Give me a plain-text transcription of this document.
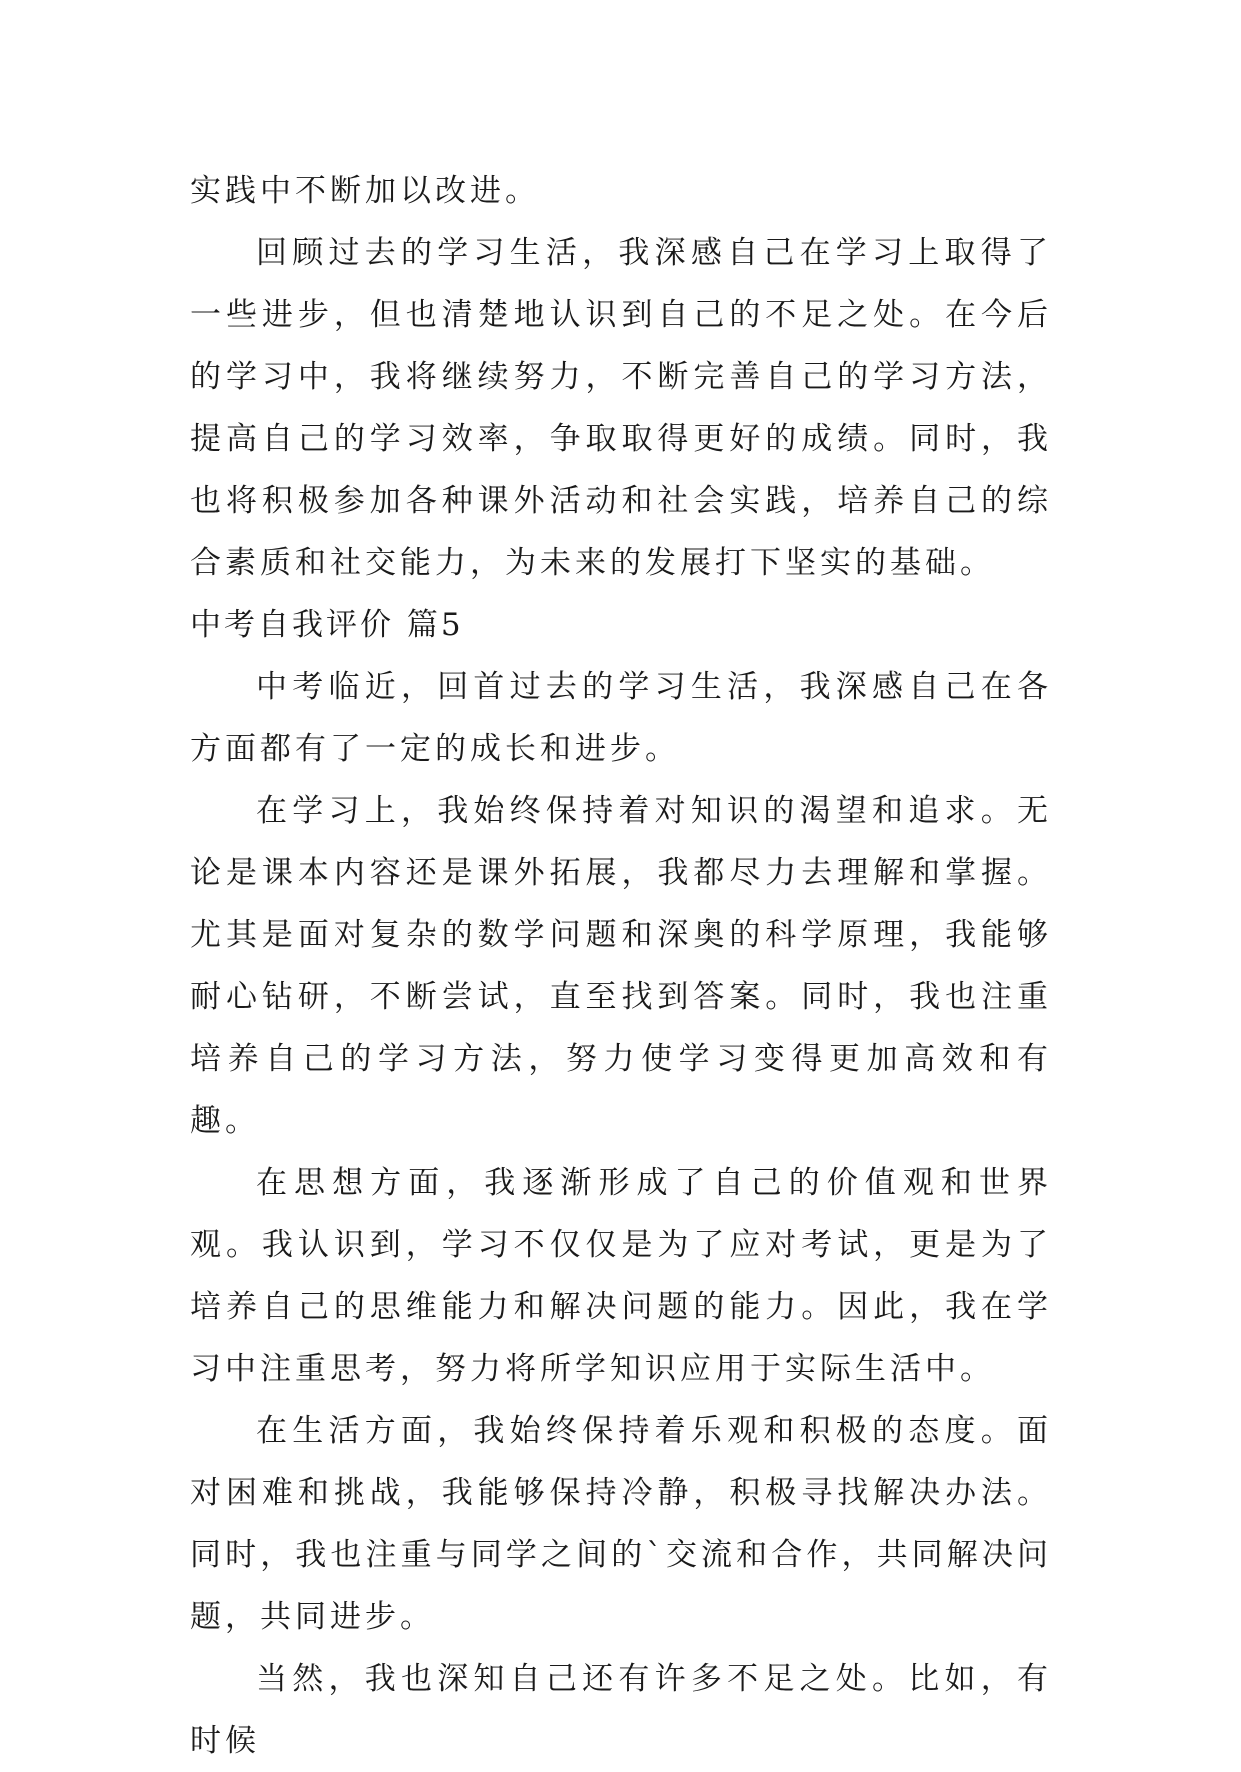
实践中不断加以改进。

回顾过去的学习生活，我深感自己在学习上取得了一些进步，但也清楚地认识到自己的不足之处。在今后的学习中，我将继续努力，不断完善自己的学习方法，提高自己的学习效率，争取取得更好的成绩。同时，我也将积极参加各种课外活动和社会实践，培养自己的综合素质和社交能力，为未来的发展打下坚实的基础。

中考自我评价 篇5

中考临近，回首过去的学习生活，我深感自己在各方面都有了一定的成长和进步。

在学习上，我始终保持着对知识的渴望和追求。无论是课本内容还是课外拓展，我都尽力去理解和掌握。尤其是面对复杂的数学问题和深奥的科学原理，我能够耐心钻研，不断尝试，直至找到答案。同时，我也注重培养自己的学习方法，努力使学习变得更加高效和有趣。

在思想方面，我逐渐形成了自己的价值观和世界观。我认识到，学习不仅仅是为了应对考试，更是为了培养自己的思维能力和解决问题的能力。因此，我在学习中注重思考，努力将所学知识应用于实际生活中。

在生活方面，我始终保持着乐观和积极的态度。面对困难和挑战，我能够保持冷静，积极寻找解决办法。同时，我也注重与同学之间的`交流和合作，共同解决问题，共同进步。

当然，我也深知自己还有许多不足之处。比如，有时候
